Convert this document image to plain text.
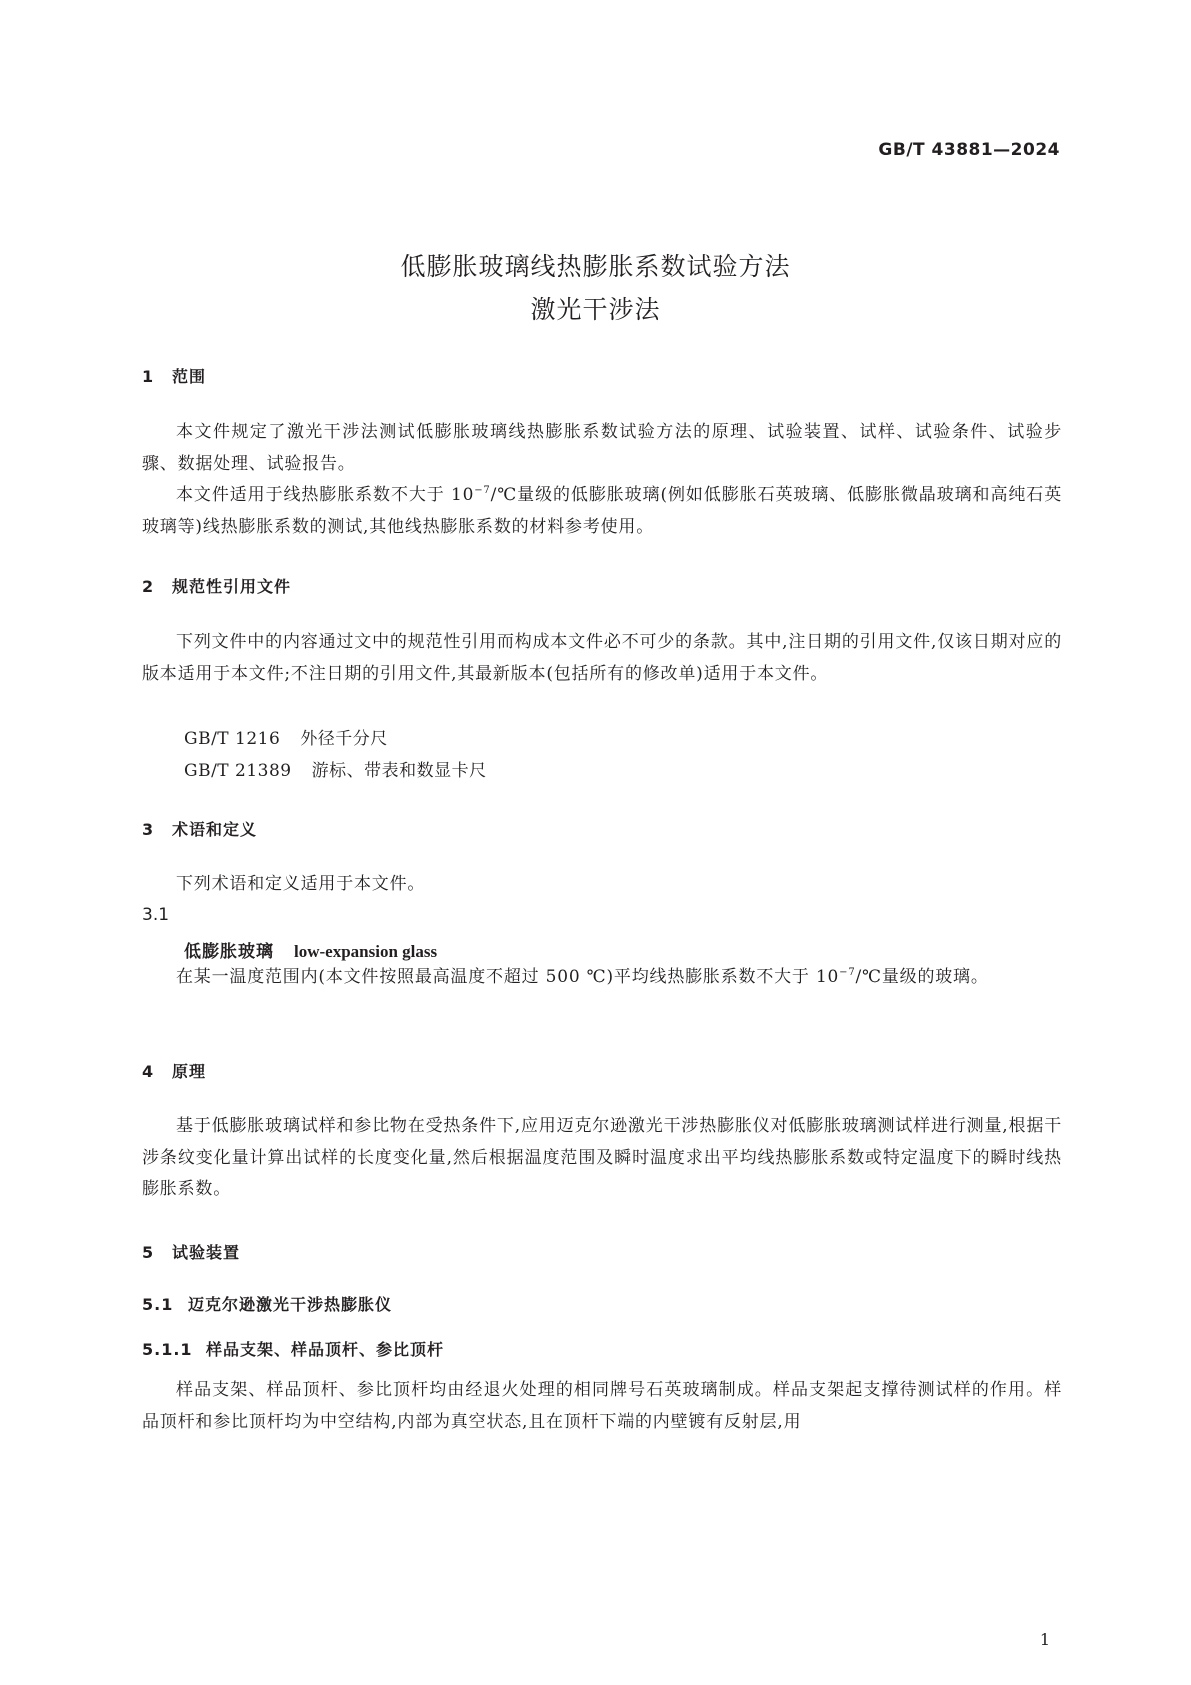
GB/T 43881—2024
低膨胀玻璃线热膨胀系数试验方法
激光干涉法
1 范围
本文件规定了激光干涉法测试低膨胀玻璃线热膨胀系数试验方法的原理、试验装置、试样、试验条件、试验步骤、数据处理、试验报告。
本文件适用于线热膨胀系数不大于 $10^{-7}/℃$量级的低膨胀玻璃(例如低膨胀石英玻璃、低膨胀微晶玻璃和高纯石英玻璃等)线热膨胀系数的测试,其他线热膨胀系数的材料参考使用。
2 规范性引用文件
下列文件中的内容通过文中的规范性引用而构成本文件必不可少的条款。其中,注日期的引用文件,仅该日期对应的版本适用于本文件;不注日期的引用文件,其最新版本(包括所有的修改单)适用于本文件。
GB/T 1216 外径千分尺
GB/T 21389 游标、带表和数显卡尺
3 术语和定义
下列术语和定义适用于本文件。
3.1
低膨胀玻璃 low-expansion glass
在某一温度范围内(本文件按照最高温度不超过 500 ℃)平均线热膨胀系数不大于 $10^{-7}/℃$量级的玻璃。
4 原理
基于低膨胀玻璃试样和参比物在受热条件下,应用迈克尔逊激光干涉热膨胀仪对低膨胀玻璃测试样进行测量,根据干涉条纹变化量计算出试样的长度变化量,然后根据温度范围及瞬时温度求出平均线热膨胀系数或特定温度下的瞬时线热膨胀系数。
5 试验装置
5.1 迈克尔逊激光干涉热膨胀仪
5.1.1 样品支架、样品顶杆、参比顶杆
样品支架、样品顶杆、参比顶杆均由经退火处理的相同牌号石英玻璃制成。样品支架起支撑待测试样的作用。样品顶杆和参比顶杆均为中空结构,内部为真空状态,且在顶杆下端的内壁镀有反射层,用
1
